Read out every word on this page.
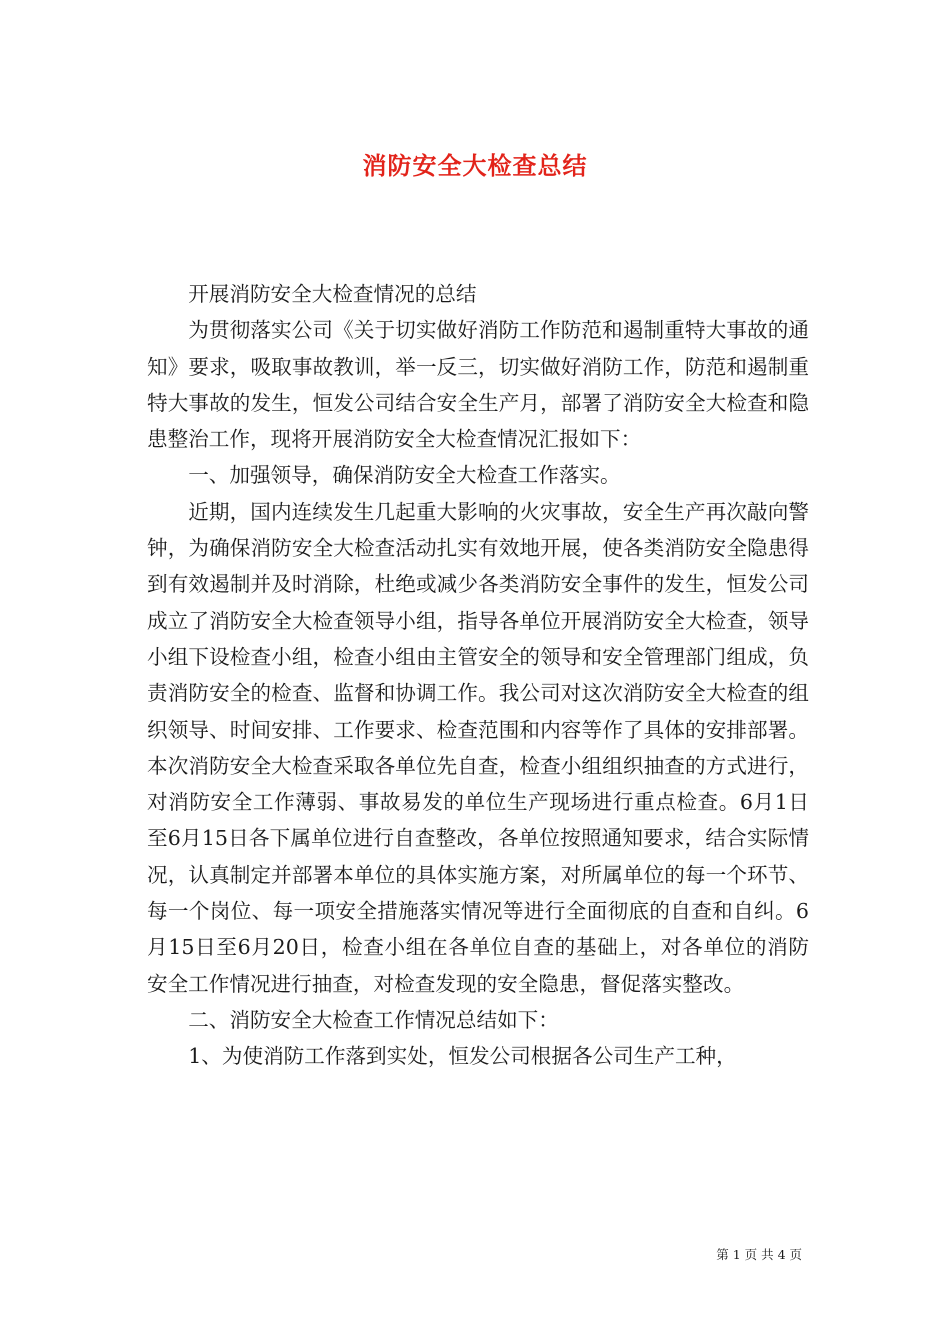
消防安全大检查总结

开展消防安全大检查情况的总结

为贯彻落实公司《关于切实做好消防工作防范和遏制重特大事故的通知》要求，吸取事故教训，举一反三，切实做好消防工作，防范和遏制重特大事故的发生，恒发公司结合安全生产月，部署了消防安全大检查和隐患整治工作，现将开展消防安全大检查情况汇报如下：

一、加强领导，确保消防安全大检查工作落实。

近期，国内连续发生几起重大影响的火灾事故，安全生产再次敲向警钟，为确保消防安全大检查活动扎实有效地开展，使各类消防安全隐患得到有效遏制并及时消除，杜绝或减少各类消防安全事件的发生，恒发公司成立了消防安全大检查领导小组，指导各单位开展消防安全大检查，领导小组下设检查小组，检查小组由主管安全的领导和安全管理部门组成，负责消防安全的检查、监督和协调工作。我公司对这次消防安全大检查的组织领导、时间安排、工作要求、检查范围和内容等作了具体的安排部署。本次消防安全大检查采取各单位先自查，检查小组组织抽查的方式进行，对消防安全工作薄弱、事故易发的单位生产现场进行重点检查。6月1日至6月15日各下属单位进行自查整改，各单位按照通知要求，结合实际情况，认真制定并部署本单位的具体实施方案，对所属单位的每一个环节、每一个岗位、每一项安全措施落实情况等进行全面彻底的自查和自纠。6月15日至6月20日，检查小组在各单位自查的基础上，对各单位的消防安全工作情况进行抽查，对检查发现的安全隐患，督促落实整改。

二、消防安全大检查工作情况总结如下：

1、为使消防工作落到实处，恒发公司根据各公司生产工种，

第 1 页 共 4 页
